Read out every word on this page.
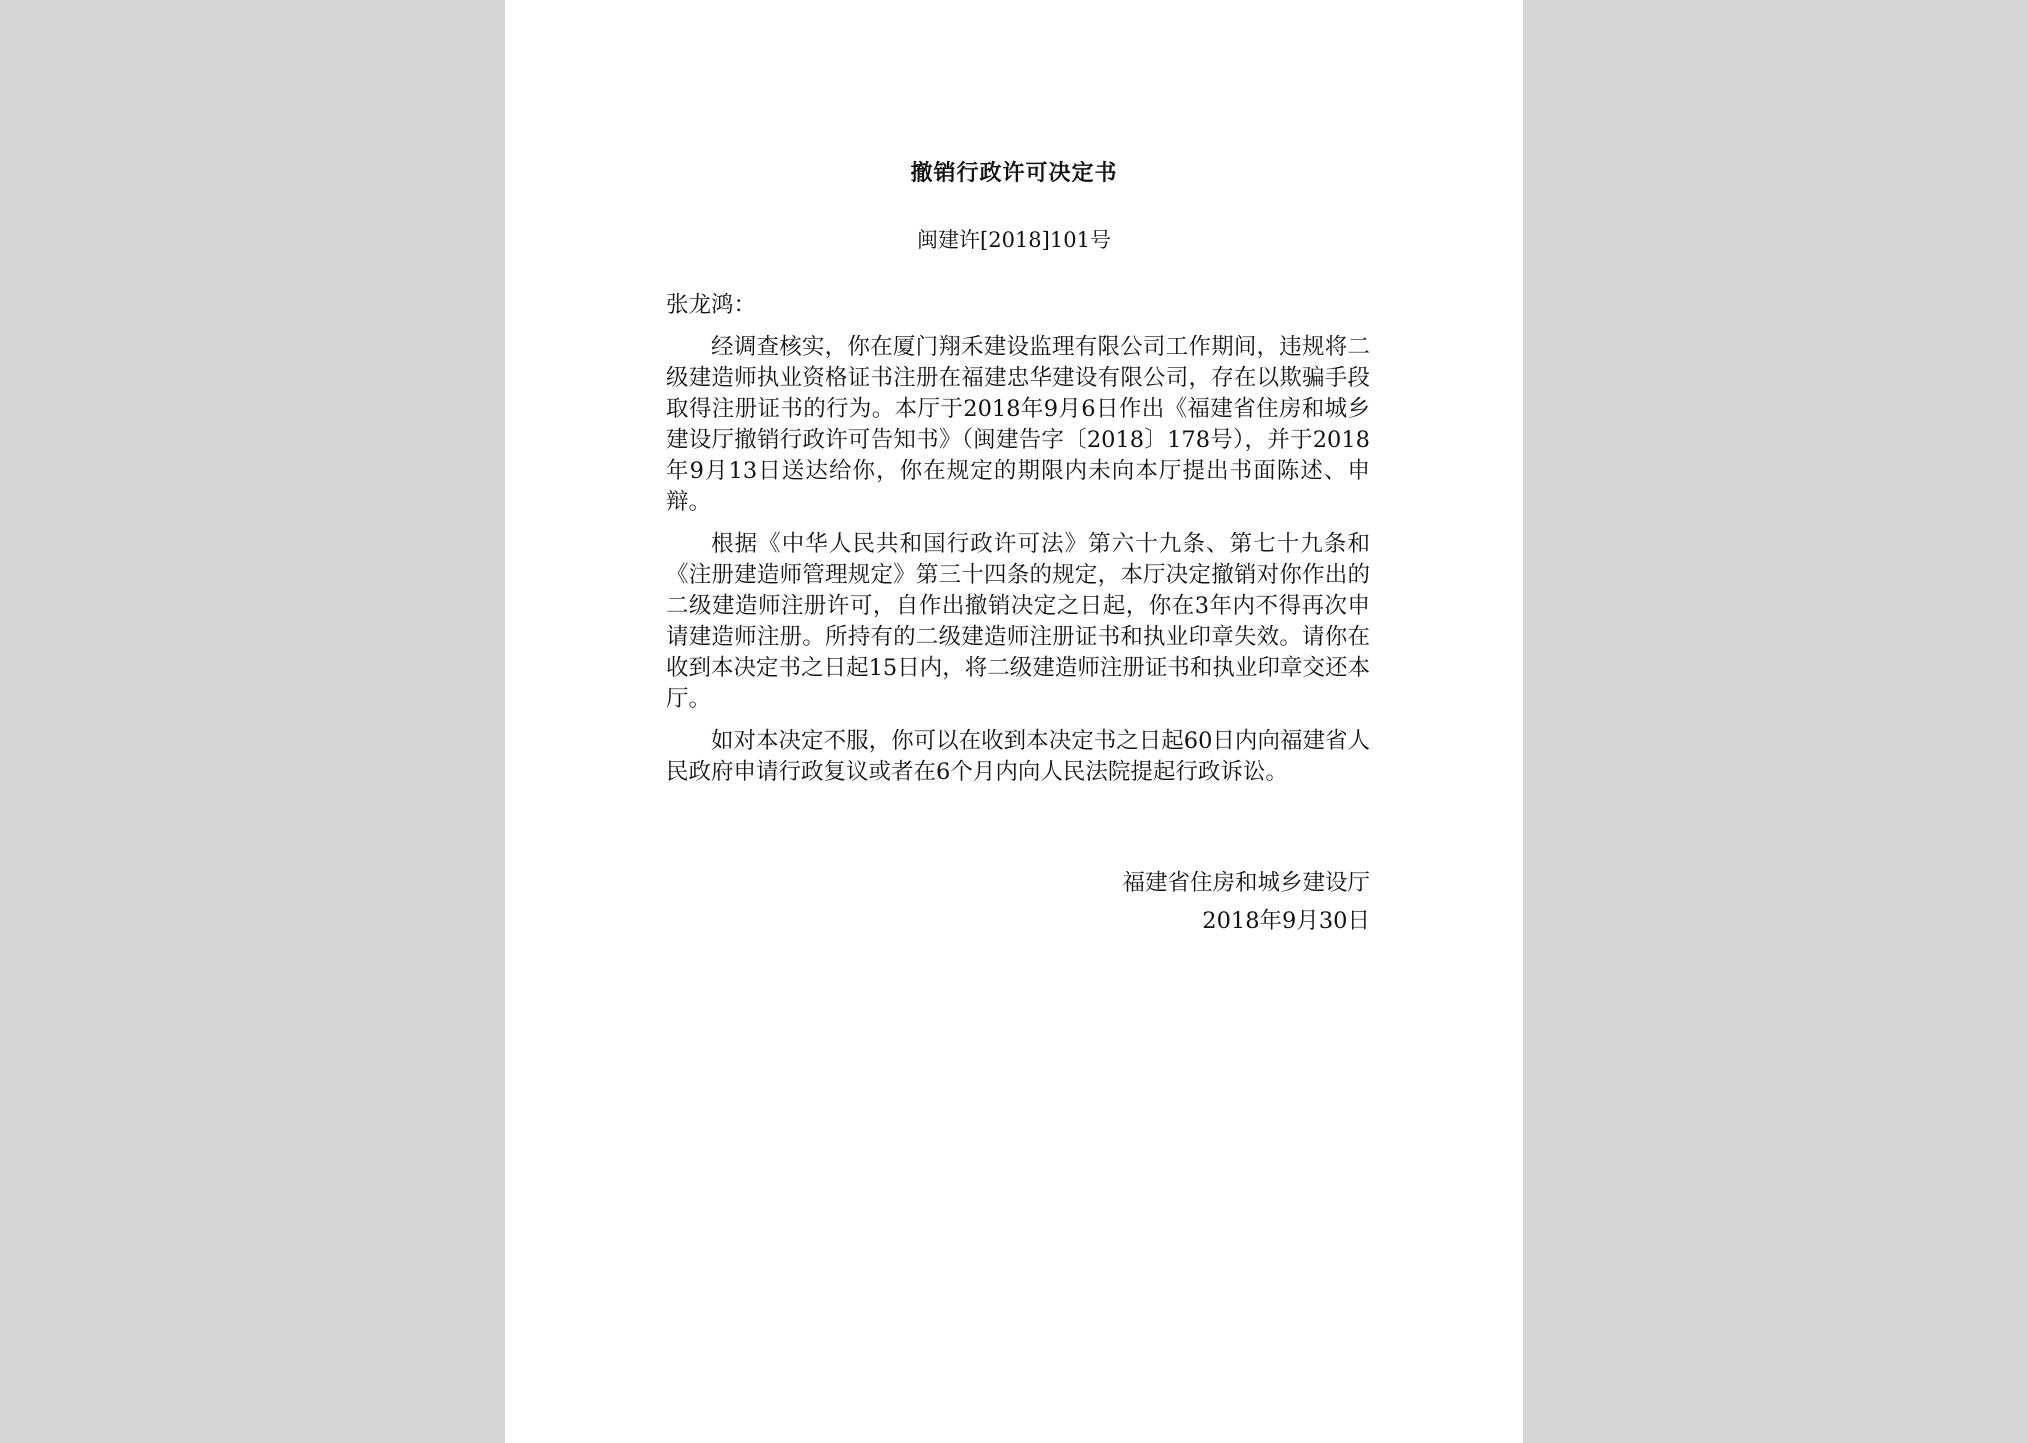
撤销行政许可决定书
闽建许[2018]101号
张龙鸿：

经调查核实，你在厦门翔禾建设监理有限公司工作期间，违规将二级建造师执业资格证书注册在福建忠华建设有限公司，存在以欺骗手段取得注册证书的行为。本厅于2018年9月6日作出《福建省住房和城乡建设厅撤销行政许可告知书》（闽建告字〔2018〕178号），并于2018年9月13日送达给你，你在规定的期限内未向本厅提出书面陈述、申辩。

根据《中华人民共和国行政许可法》第六十九条、第七十九条和《注册建造师管理规定》第三十四条的规定，本厅决定撤销对你作出的二级建造师注册许可，自作出撤销决定之日起，你在3年内不得再次申请建造师注册。所持有的二级建造师注册证书和执业印章失效。请你在收到本决定书之日起15日内，将二级建造师注册证书和执业印章交还本厅。

如对本决定不服，你可以在收到本决定书之日起60日内向福建省人民政府申请行政复议或者在6个月内向人民法院提起行政诉讼。

福建省住房和城乡建设厅
2018年9月30日
